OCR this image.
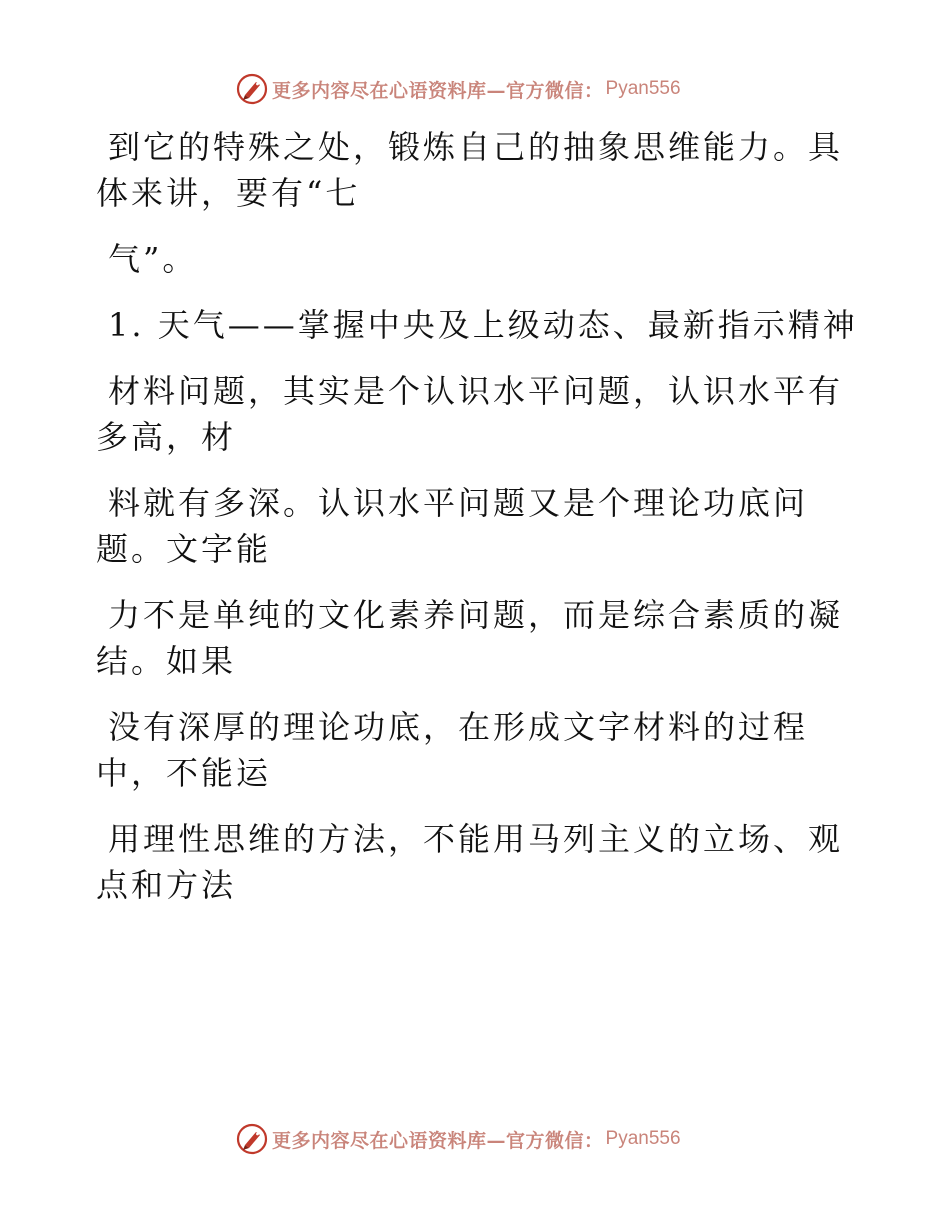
更多内容尽在心语资料库—官方微信： Pyan556

到它的特殊之处，锻炼自己的抽象思维能力。具
体来讲，要有“七

气”。

1. 天气——掌握中央及上级动态、最新指示精神

材料问题，其实是个认识水平问题，认识水平有
多高，材

料就有多深。认识水平问题又是个理论功底问
题。文字能

力不是单纯的文化素养问题，而是综合素质的凝
结。如果

没有深厚的理论功底，在形成文字材料的过程
中，不能运

用理性思维的方法，不能用马列主义的立场、观
点和方法

更多内容尽在心语资料库—官方微信： Pyan556
